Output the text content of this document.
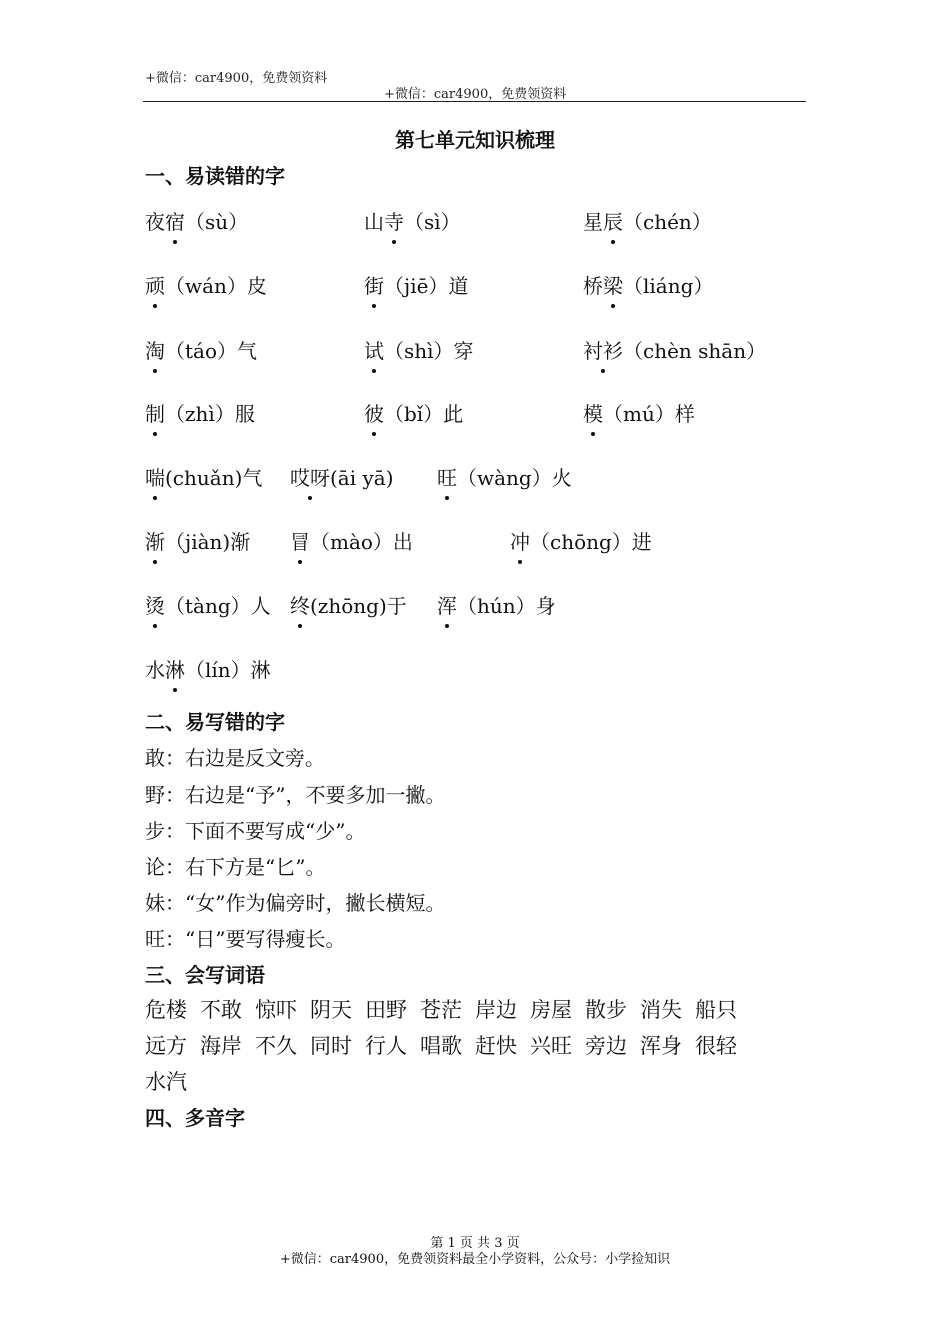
+微信：car4900，免费领资料
+微信：car4900，免费领资料
第七单元知识梳理
一、易读错的字
夜宿（sù）	山寺（sì）	星辰（chén）
顽（wán）皮	街（jiē）道	桥梁（liáng）
淘（táo）气	试（shì）穿	衬衫（chèn shān）
制（zhì）服	彼（bǐ）此	模（mú）样
喘(chuǎn)气 哎呀(āi yā) 旺（wàng）火
渐（jiàn)渐 冒（mào）出	冲（chōng）进
烫（tàng）人 终(zhōng)于 浑（hún）身
水淋（lín）淋
二、易写错的字
敢：右边是反文旁。
野：右边是“予”，不要多加一撇。
步：下面不要写成“少”。
论：右下方是“匕”。
妹：“女”作为偏旁时，撇长横短。
旺：“日”要写得瘦长。
三、会写词语
危楼 不敢 惊吓 阴天 田野 苍茫 岸边 房屋 散步 消失 船只
远方 海岸 不久 同时 行人 唱歌 赶快 兴旺 旁边 浑身 很轻
水汽
四、多音字
第 1 页 共 3 页
+微信：car4900，免费领资料最全小学资料，公众号：小学捡知识
